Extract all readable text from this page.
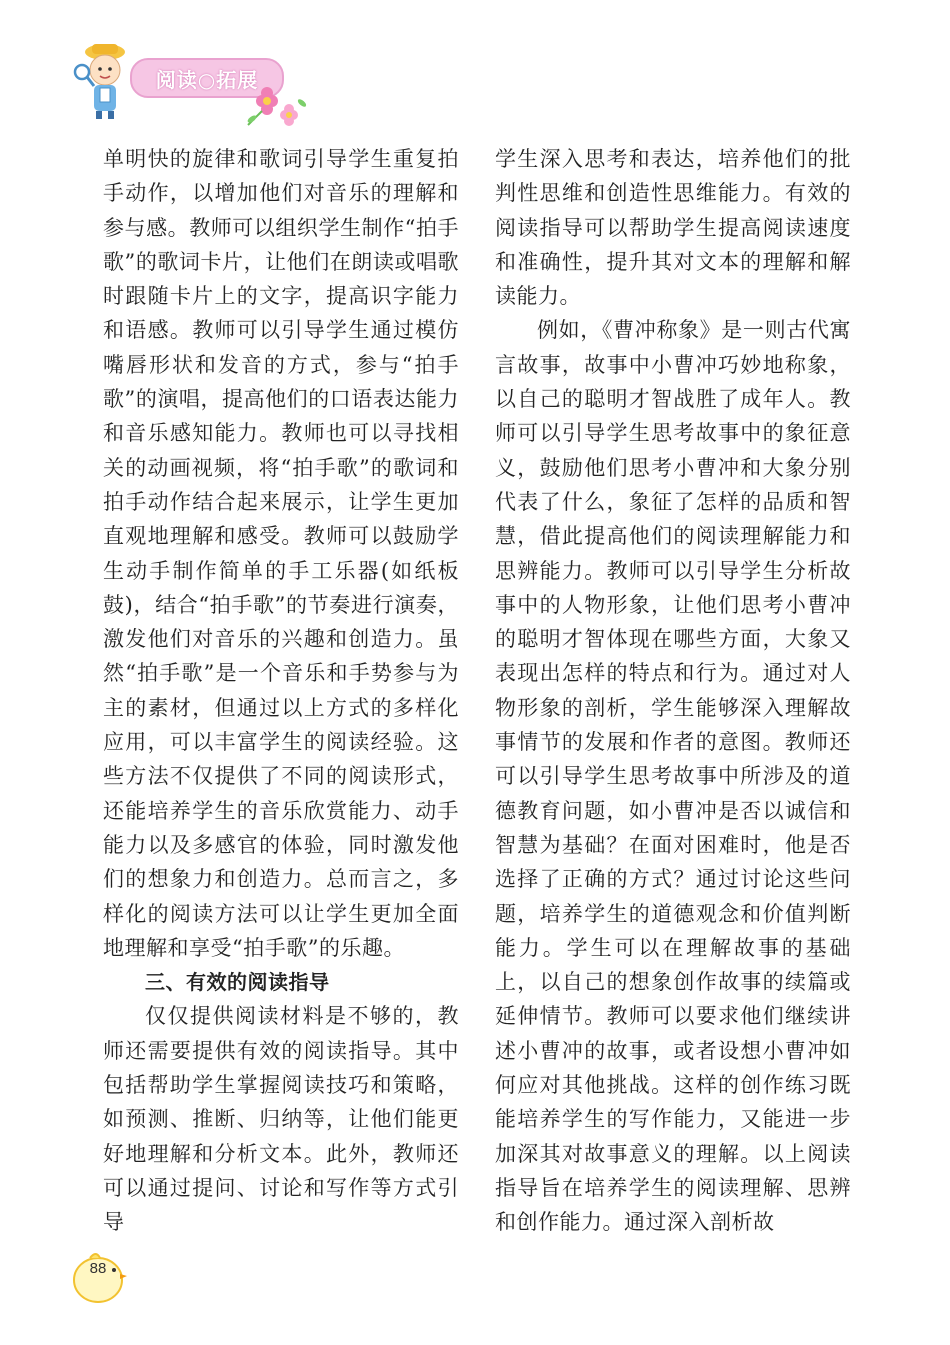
阅读○拓展

单明快的旋律和歌词引导学生重复拍手动作，以增加他们对音乐的理解和参与感。教师可以组织学生制作“拍手歌”的歌词卡片，让他们在朗读或唱歌时跟随卡片上的文字，提高识字能力和语感。教师可以引导学生通过模仿嘴唇形状和发音的方式，参与“拍手歌”的演唱，提高他们的口语表达能力和音乐感知能力。教师也可以寻找相关的动画视频，将“拍手歌”的歌词和拍手动作结合起来展示，让学生更加直观地理解和感受。教师可以鼓励学生动手制作简单的手工乐器(如纸板鼓)，结合“拍手歌”的节奏进行演奏，激发他们对音乐的兴趣和创造力。虽然“拍手歌”是一个音乐和手势参与为主的素材，但通过以上方式的多样化应用，可以丰富学生的阅读经验。这些方法不仅提供了不同的阅读形式，还能培养学生的音乐欣赏能力、动手能力以及多感官的体验，同时激发他们的想象力和创造力。总而言之，多样化的阅读方法可以让学生更加全面地理解和享受“拍手歌”的乐趣。

三、有效的阅读指导

仅仅提供阅读材料是不够的，教师还需要提供有效的阅读指导。其中包括帮助学生掌握阅读技巧和策略，如预测、推断、归纳等，让他们能更好地理解和分析文本。此外，教师还可以通过提问、讨论和写作等方式引导

学生深入思考和表达，培养他们的批判性思维和创造性思维能力。有效的阅读指导可以帮助学生提高阅读速度和准确性，提升其对文本的理解和解读能力。

例如，《曹冲称象》是一则古代寓言故事，故事中小曹冲巧妙地称象，以自己的聪明才智战胜了成年人。教师可以引导学生思考故事中的象征意义，鼓励他们思考小曹冲和大象分别代表了什么，象征了怎样的品质和智慧，借此提高他们的阅读理解能力和思辨能力。教师可以引导学生分析故事中的人物形象，让他们思考小曹冲的聪明才智体现在哪些方面，大象又表现出怎样的特点和行为。通过对人物形象的剖析，学生能够深入理解故事情节的发展和作者的意图。教师还可以引导学生思考故事中所涉及的道德教育问题，如小曹冲是否以诚信和智慧为基础？在面对困难时，他是否选择了正确的方式？通过讨论这些问题，培养学生的道德观念和价值判断能力。学生可以在理解故事的基础上，以自己的想象创作故事的续篇或延伸情节。教师可以要求他们继续讲述小曹冲的故事，或者设想小曹冲如何应对其他挑战。这样的创作练习既能培养学生的写作能力，又能进一步加深其对故事意义的理解。以上阅读指导旨在培养学生的阅读理解、思辨和创作能力。通过深入剖析故

88
